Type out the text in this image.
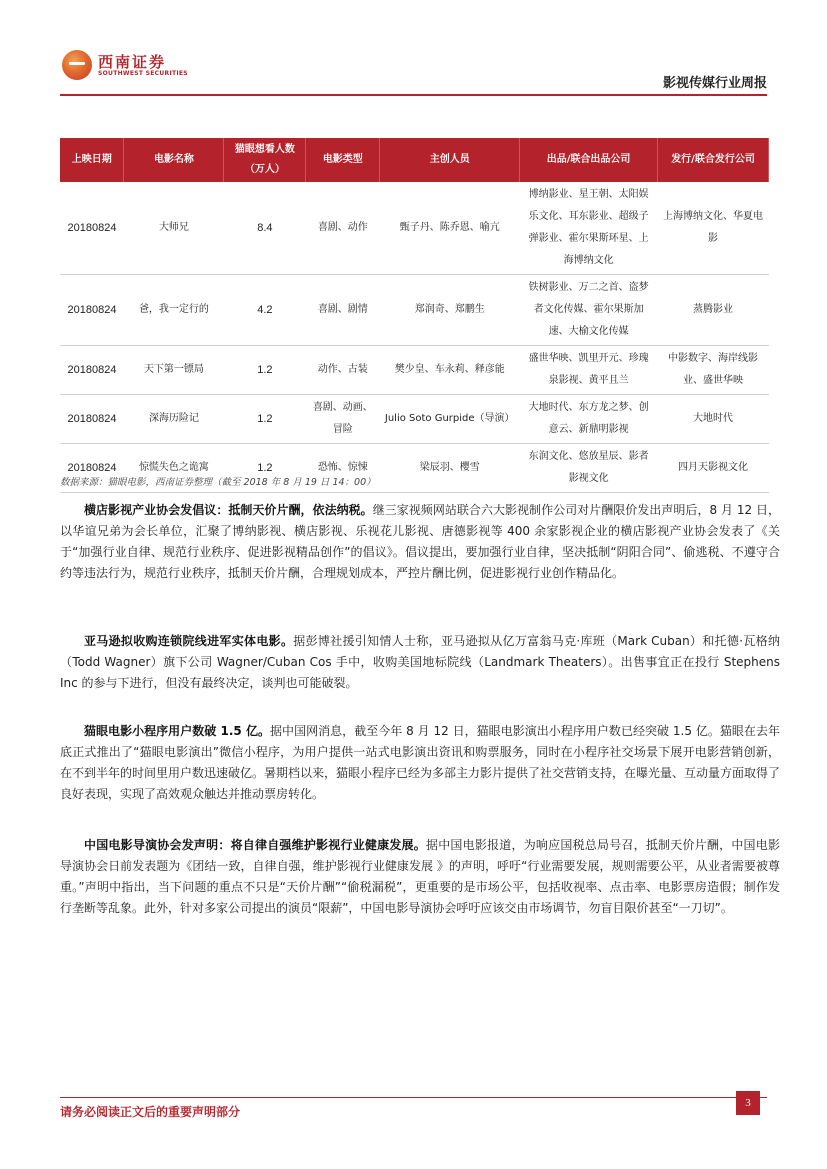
西南证券
SOUTHWEST SECURITIES
影视传媒行业周报
上映日期	电影名称	猫眼想看人数（万人）	电影类型	主创人员	出品/联合出品公司	发行/联合发行公司
20180824	大师兄	8.4	喜剧、动作	甄子丹、陈乔恩、喻亢	博纳影业、星王朝、太阳娱乐文化、耳东影业、超级子弹影业、霍尔果斯环星、上海博纳文化	上海博纳文化、华夏电影
20180824	爸，我一定行的	4.2	喜剧、剧情	郑润奇、郑鹏生	铁树影业、万二之首、盗梦者文化传媒、霍尔果斯加速、大榆文化传媒	蒸腾影业
20180824	天下第一镖局	1.2	动作、古装	樊少皇、车永莉、释彦能	盛世华映、凯里开元、珍瑰泉影视、黄平且兰	中影数字、海岸线影业、盛世华映
20180824	深海历险记	1.2	喜剧、动画、冒险	Julio Soto Gurpide（导演）	大地时代、东方龙之梦、创意云、新鼎明影视	大地时代
20180824	惊慌失色之诡寓	1.2	恐怖、惊悚	梁辰羽、樱雪	东润文化、悠放星辰、影者影视文化	四月天影视文化
数据来源：猫眼电影，西南证券整理（截至 2018 年 8 月 19 日 14：00）
横店影视产业协会发倡议：抵制天价片酬，依法纳税。继三家视频网站联合六大影视制作公司对片酬限价发出声明后，8 月 12 日，以华谊兄弟为会长单位，汇聚了博纳影视、横店影视、乐视花儿影视、唐德影视等 400 余家影视企业的横店影视产业协会发表了《关于“加强行业自律、规范行业秩序、促进影视精品创作”的倡议》。倡议提出，要加强行业自律，坚决抵制“阴阳合同”、偷逃税、不遵守合约等违法行为，规范行业秩序，抵制天价片酬，合理规划成本，严控片酬比例，促进影视行业创作精品化。
亚马逊拟收购连锁院线进军实体电影。据彭博社援引知情人士称，亚马逊拟从亿万富翁马克·库班（Mark Cuban）和托德·瓦格纳（Todd Wagner）旗下公司 Wagner/Cuban Cos 手中，收购美国地标院线（Landmark Theaters）。出售事宜正在投行 Stephens Inc 的参与下进行，但没有最终决定，谈判也可能破裂。
猫眼电影小程序用户数破 1.5 亿。据中国网消息，截至今年 8 月 12 日，猫眼电影演出小程序用户数已经突破 1.5 亿。猫眼在去年底正式推出了“猫眼电影演出”微信小程序，为用户提供一站式电影演出资讯和购票服务，同时在小程序社交场景下展开电影营销创新，在不到半年的时间里用户数迅速破亿。暑期档以来，猫眼小程序已经为多部主力影片提供了社交营销支持，在曝光量、互动量方面取得了良好表现，实现了高效观众触达并推动票房转化。
中国电影导演协会发声明：将自律自强维护影视行业健康发展。据中国电影报道，为响应国税总局号召，抵制天价片酬，中国电影导演协会日前发表题为《团结一致，自律自强，维护影视行业健康发展 》的声明，呼吁“行业需要发展，规则需要公平，从业者需要被尊重。”声明中指出，当下问题的重点不只是“天价片酬”“偷税漏税”，更重要的是市场公平，包括收视率、点击率、电影票房造假；制作发行垄断等乱象。此外，针对多家公司提出的演员“限薪”，中国电影导演协会呼吁应该交由市场调节，勿盲目限价甚至“一刀切”。
请务必阅读正文后的重要声明部分
3
